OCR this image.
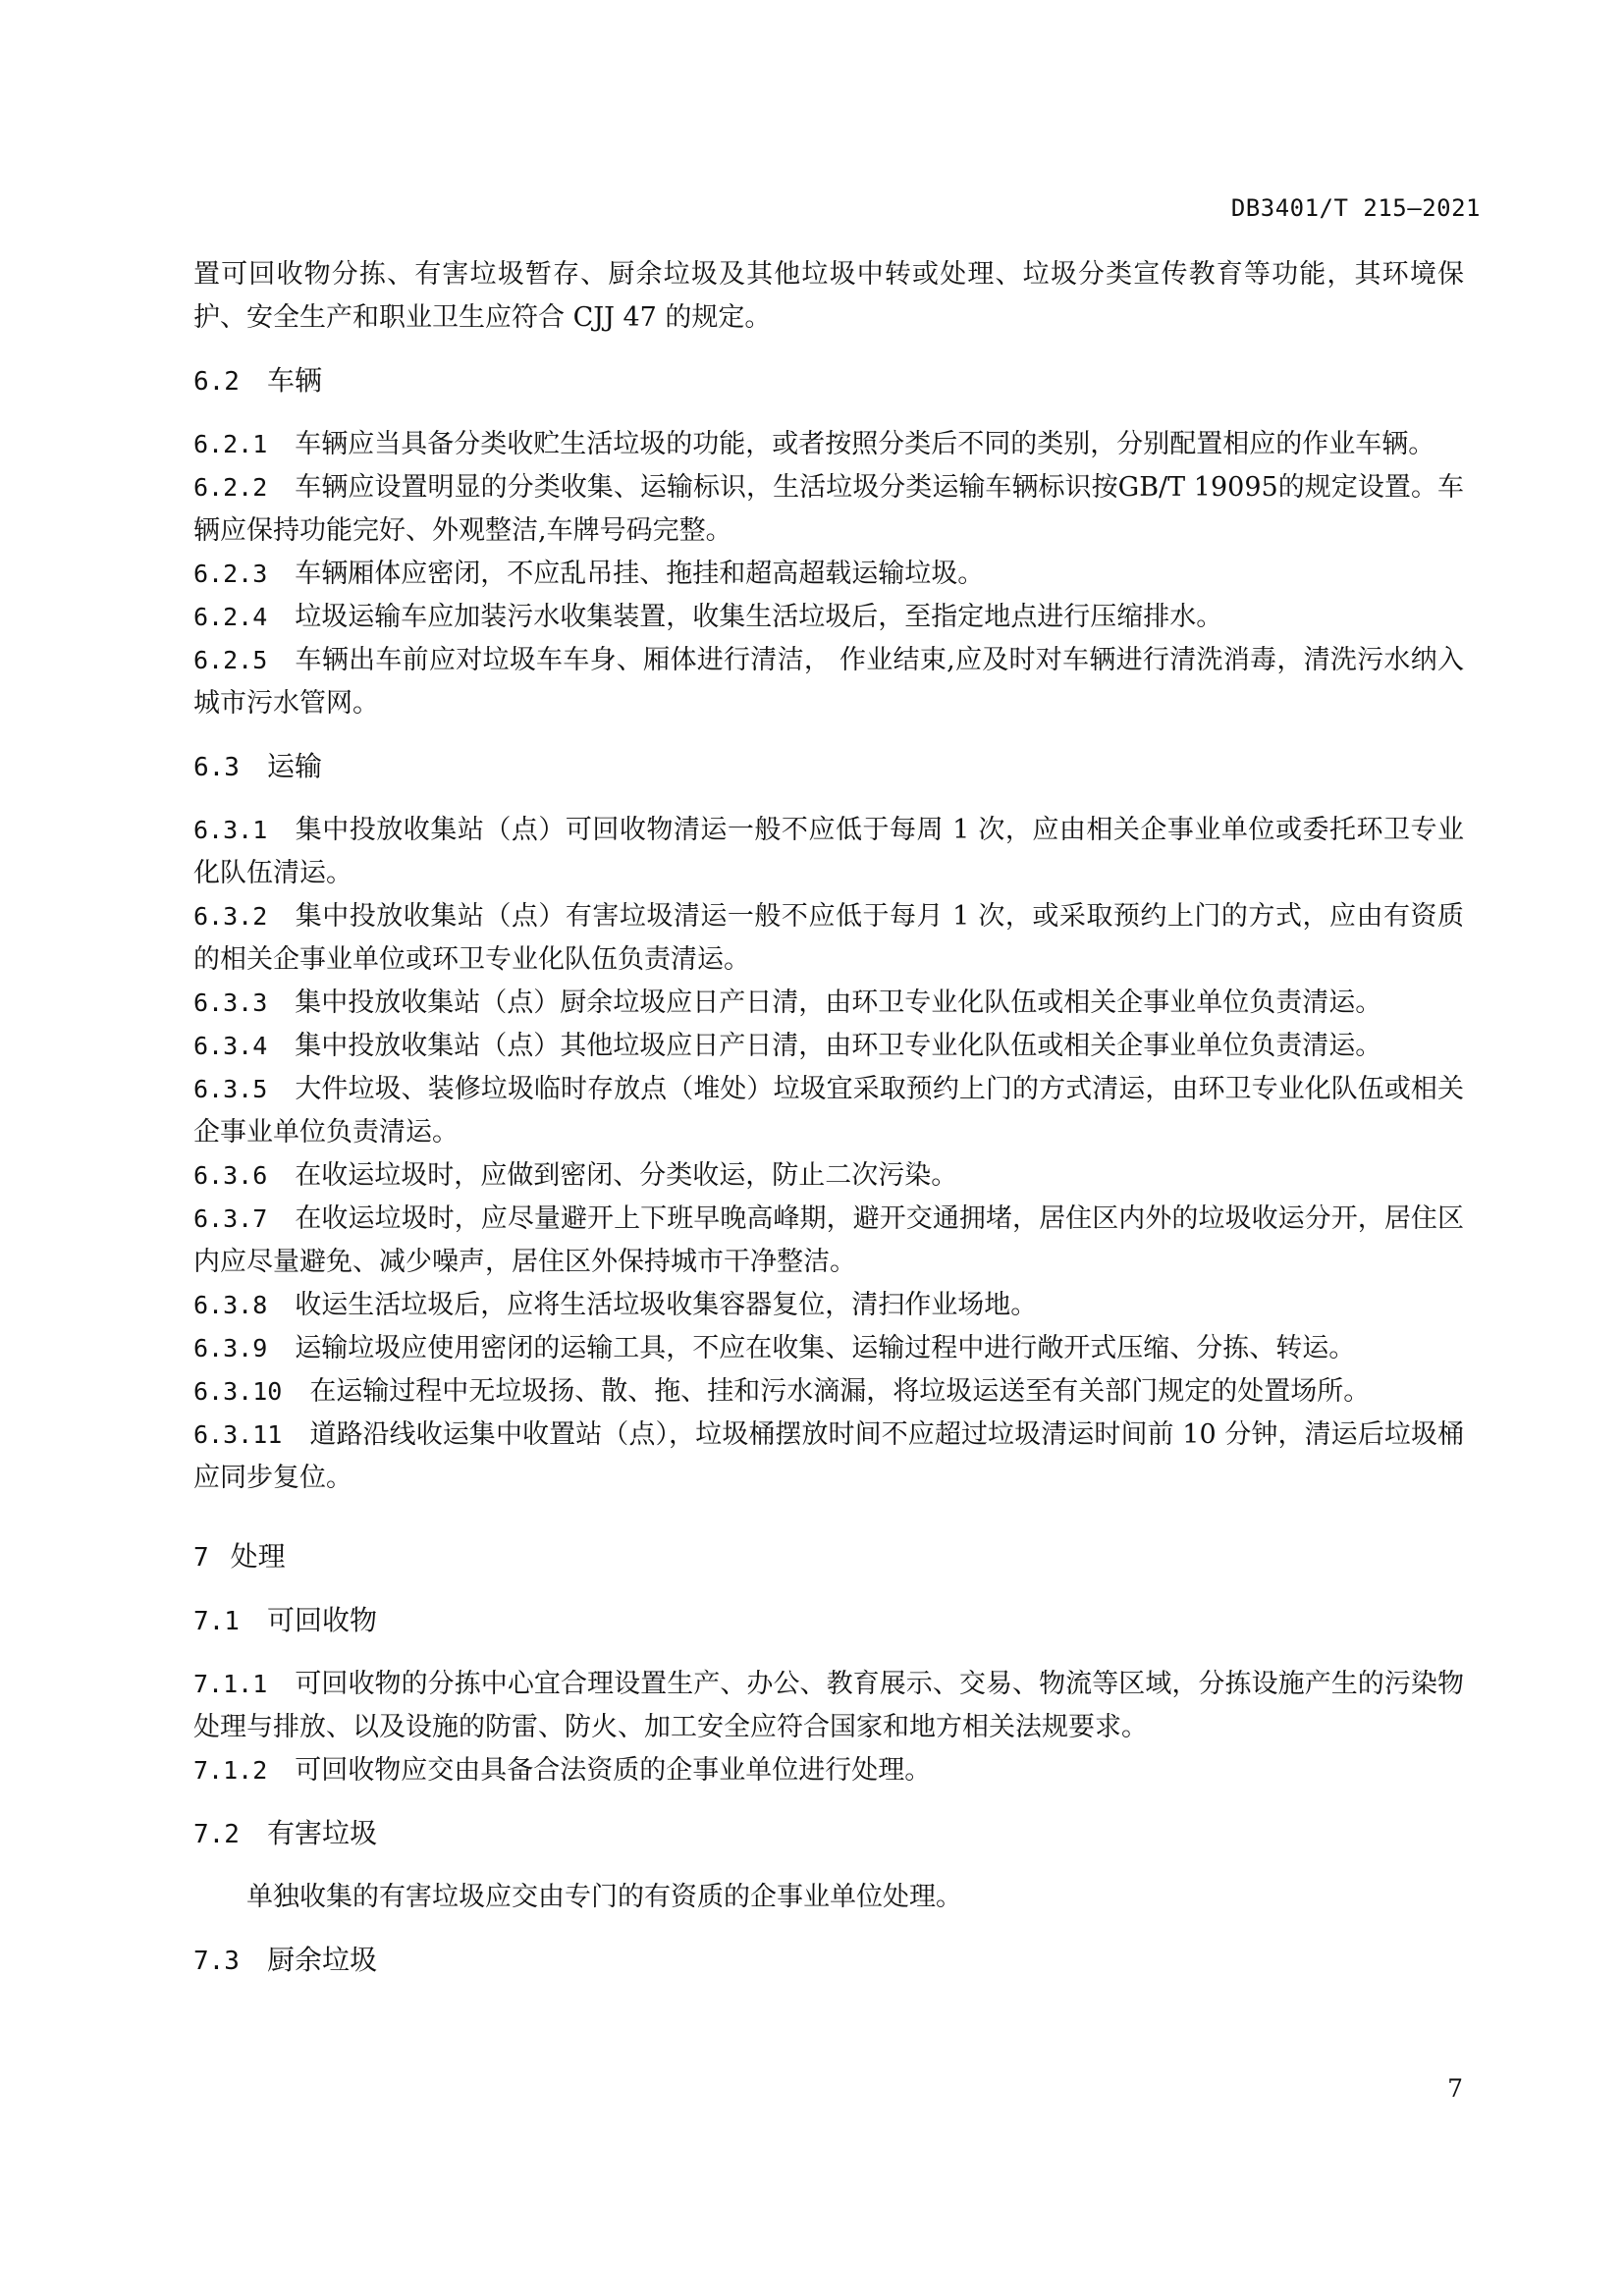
DB3401/T 215—2021

置可回收物分拣、有害垃圾暂存、厨余垃圾及其他垃圾中转或处理、垃圾分类宣传教育等功能，其环境保护、安全生产和职业卫生应符合 CJJ 47 的规定。

6.2 车辆

6.2.1 车辆应当具备分类收贮生活垃圾的功能，或者按照分类后不同的类别，分别配置相应的作业车辆。

6.2.2 车辆应设置明显的分类收集、运输标识，生活垃圾分类运输车辆标识按GB/T 19095的规定设置。车辆应保持功能完好、外观整洁,车牌号码完整。

6.2.3 车辆厢体应密闭，不应乱吊挂、拖挂和超高超载运输垃圾。

6.2.4 垃圾运输车应加装污水收集装置，收集生活垃圾后，至指定地点进行压缩排水。

6.2.5 车辆出车前应对垃圾车车身、厢体进行清洁， 作业结束,应及时对车辆进行清洗消毒，清洗污水纳入城市污水管网。

6.3 运输

6.3.1 集中投放收集站（点）可回收物清运一般不应低于每周 1 次，应由相关企事业单位或委托环卫专业化队伍清运。

6.3.2 集中投放收集站（点）有害垃圾清运一般不应低于每月 1 次，或采取预约上门的方式，应由有资质的相关企事业单位或环卫专业化队伍负责清运。

6.3.3 集中投放收集站（点）厨余垃圾应日产日清，由环卫专业化队伍或相关企事业单位负责清运。

6.3.4 集中投放收集站（点）其他垃圾应日产日清，由环卫专业化队伍或相关企事业单位负责清运。

6.3.5 大件垃圾、装修垃圾临时存放点（堆处）垃圾宜采取预约上门的方式清运，由环卫专业化队伍或相关企事业单位负责清运。

6.3.6 在收运垃圾时，应做到密闭、分类收运，防止二次污染。

6.3.7 在收运垃圾时，应尽量避开上下班早晚高峰期，避开交通拥堵，居住区内外的垃圾收运分开，居住区内应尽量避免、减少噪声，居住区外保持城市干净整洁。

6.3.8 收运生活垃圾后，应将生活垃圾收集容器复位，清扫作业场地。

6.3.9 运输垃圾应使用密闭的运输工具，不应在收集、运输过程中进行敞开式压缩、分拣、转运。

6.3.10 在运输过程中无垃圾扬、散、拖、挂和污水滴漏，将垃圾运送至有关部门规定的处置场所。

6.3.11 道路沿线收运集中收置站（点），垃圾桶摆放时间不应超过垃圾清运时间前 10 分钟，清运后垃圾桶应同步复位。

7 处理
7.1 可回收物

7.1.1 可回收物的分拣中心宜合理设置生产、办公、教育展示、交易、物流等区域，分拣设施产生的污染物处理与排放、以及设施的防雷、防火、加工安全应符合国家和地方相关法规要求。

7.1.2 可回收物应交由具备合法资质的企事业单位进行处理。

7.2 有害垃圾

单独收集的有害垃圾应交由专门的有资质的企事业单位处理。

7.3 厨余垃圾
7
